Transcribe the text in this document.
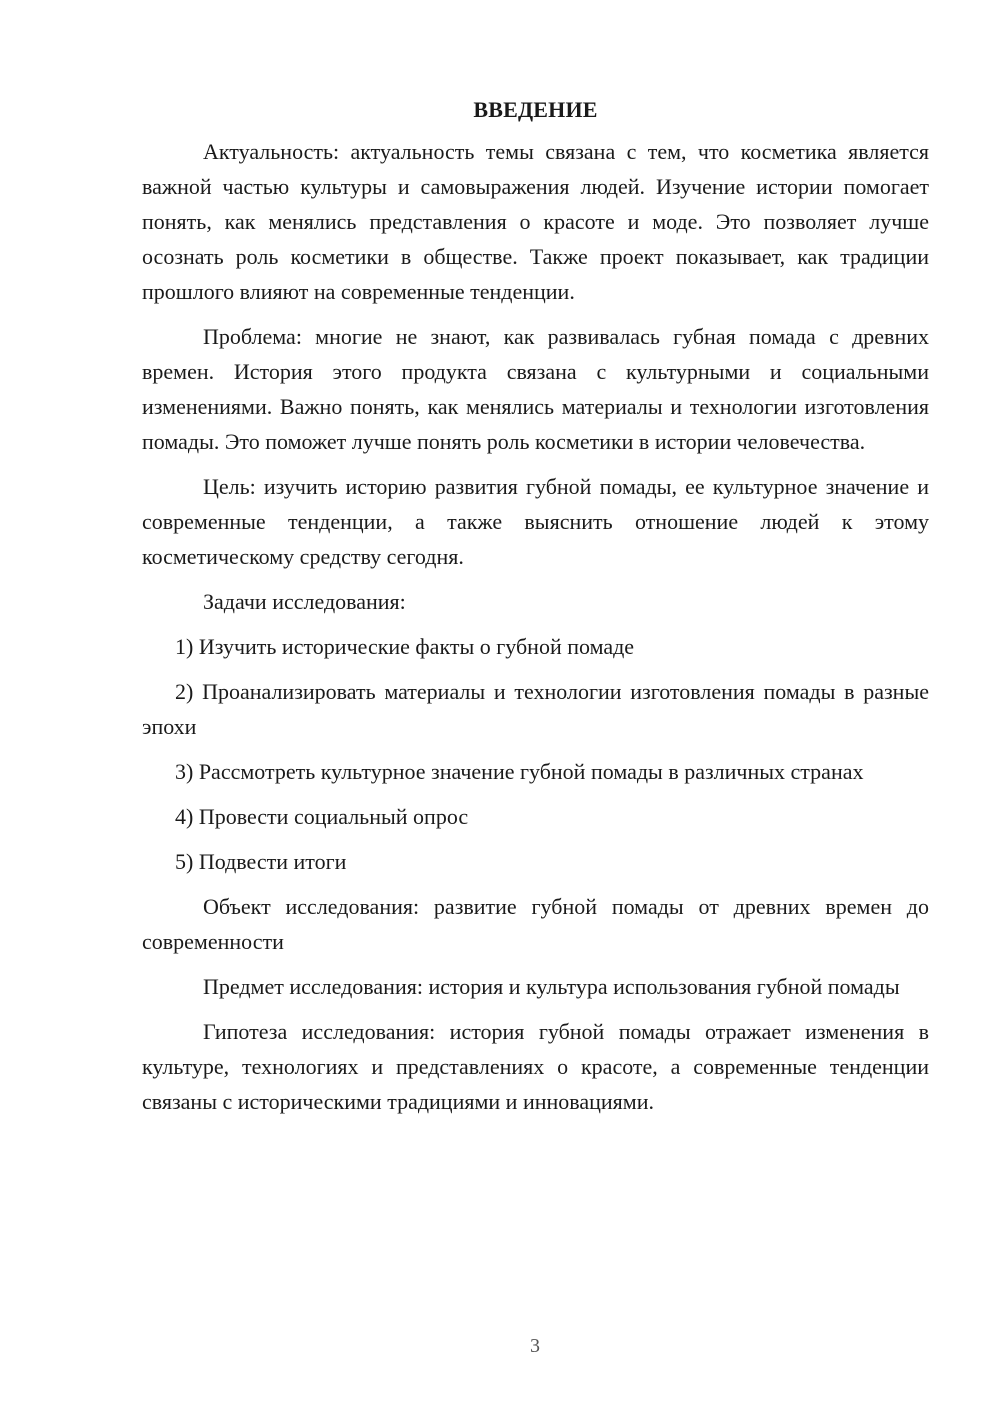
ВВЕДЕНИЕ

Актуальность: актуальность темы связана с тем, что косметика является важной частью культуры и самовыражения людей. Изучение истории помогает понять, как менялись представления о красоте и моде. Это позволяет лучше осознать роль косметики в обществе. Также проект показывает, как традиции прошлого влияют на современные тенденции.

Проблема: многие не знают, как развивалась губная помада с древних времен. История этого продукта связана с культурными и социальными изменениями. Важно понять, как менялись материалы и технологии изготовления помады. Это поможет лучше понять роль косметики в истории человечества.

Цель: изучить историю развития губной помады, ее культурное значение и современные тенденции, а также выяснить отношение людей к этому косметическому средству сегодня.

Задачи исследования:

1) Изучить исторические факты о губной помаде

2) Проанализировать материалы и технологии изготовления помады в разные эпохи

3) Рассмотреть культурное значение губной помады в различных странах

4) Провести социальный опрос

5) Подвести итоги

Объект исследования: развитие губной помады от древних времен до современности

Предмет исследования: история и культура использования губной помады

Гипотеза исследования: история губной помады отражает изменения в культуре, технологиях и представлениях о красоте, а современные тенденции связаны с историческими традициями и инновациями.

3
